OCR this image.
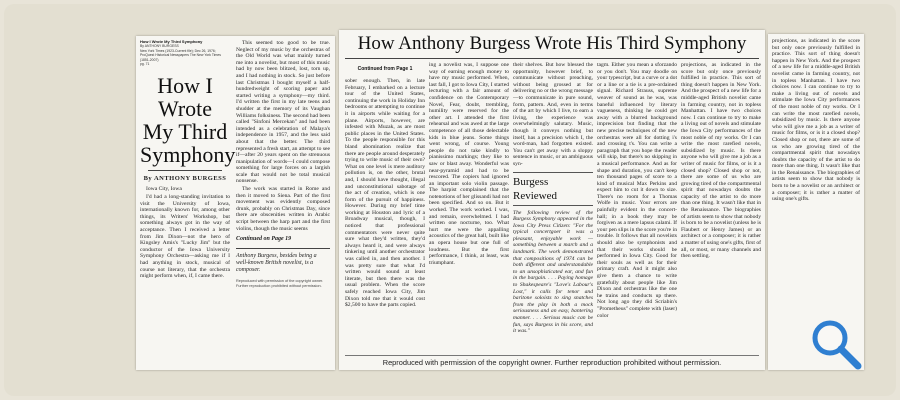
How I Wrote My Third Symphony
By ANTHONY BURGESS
New York Times (1923-Current file); Dec 26, 1976;
ProQuest Historical Newspapers The New York Times (1851-2007)
pg. 71
How I Wrote My Third Symphony
By ANTHONY BURGESS

Iowa City, Iowa

I'd had a long-standing invitation to visit the University of Iowa, internationally known for, among other things, its Writers' Workshop, but something always got in the way of acceptance. Then I received a letter from Jim Dixon—not the hero of Kingsley Amis's "Lucky Jim" but the conductor of the Iowa University Symphony Orchestra—asking me if I had anything in stock, musical of course not literary, that the orchestra might perform when, if, I came there.

This seemed too good to be true. Neglect of my music by the orchestras of the Old World was what mainly turned me into a novelist, but most of this music had by now been blitzed, lost, torn up, and I had nothing in stock. So just before last Christmas I bought myself a half-hundredweight of scoring paper and started writing a symphony—my third. I'd written the first in my late teens and shudder at the memory of its Vaughan Williams folksiness. The second had been called "Sinfoni Mercekan" and had been intended as a celebration of Malaya's independence in 1957, and the less said about that the better. The third represented a fresh start, an attempt to see if—after 20 years spent on the strenuous manipulation of words—I could compose something for large forces on a largish scale that would not be total musical nonsense.

The work was started in Rome and then it moved to Siena. Part of the first movement was evidently composed drunk, probably on Christmas Day, since there are obscenities written in Arabic script between the harp part and the first violins, though the music seems

Continued on Page 19
Anthony Burgess, besides being a well-known British novelist, is a composer.
Reproduced with permission of the copyright owner. Further reproduction prohibited without permission.
How Anthony Burgess Wrote His Third Symphony
Continued from Page 1
sober enough. Then, in late February, I embarked on a lecture tour of the United States, continuing the work in Holiday Inn bedrooms or attempting to continue it in airports while waiting for a plane. Airports, however, are infested with Muzak, as are most public places in the United States. To the people responsible for this bland abomination realize that there are people around desperately trying to write music of their own? What on one level is mere auditory pollution is, on the other, brutal and, I should have thought, illegal and unconstitutional sabotage of the act of creation, which is one form of the pursuit of happiness. However. During my brief time working at Houston and lyric of a Broadway musical, though, I noticed that professional commentators were never quite sure what they'd written, they'd always heard it, and were always tinkering until another orchestrator was called in, and then another. I was pretty sure that what I'd written would sound at least literate, but then there was the usual problem. When the score safely reached Iowa City, Jim Dixon told me that it would cost $2,500 to have the parts copied.
ing a novelist was, I suppose one way of earning enough money to have my music performed. When, last fall, I got to Iowa City, I started lecturing with a fair amount of confidence on the Contemporary Novel, Fear, doubt, trembling, humility were reserved for the other art. I attended the first rehearsal and was awed at the large competence of all those delectable kids in blue jeans. Some things went wrong, of course. Young people do not take kindly to pianissimo markings; they like to saw or blast away. Wonderful was near-pyramid and had to be rescored. The copiers had ignored an important solo violin passage. The harpist complained that the notenotions of her glissandi had not been specified. And so on. But it worked. The work worked. I was, and remain, overwhelmed. I had written one nocturne, too. What hurt me were the appalling acoustics of the great hall, built like an opera house but one full of loudness. But the first performance, I think, at least, was triumphant.
their shelves. But how blessed the opportunity, however brief, to communicate without preaching, without being grossed at for delivering no or the wrong message—to communicate in pure sound, form, pattern. And, even in terms of the art by which I live, to earn a living, the experience was overwhelmingly salutary. Music, though it conveys nothing but itself, has a precision which I, the word-man, had forgotten existed. You can't get away with a sloppy sentence in music, or an ambiguous syn-
Burgess Reviewed
The following review of the Burgess Symphony appeared in the Iowa City Press Citizen: "For the typical concertgoer it was a pleasant, enjoyable work — something between a march and a landmark. The work demonstrated that compositions of 1974 can be both different and understandable to an unsophisticated ear, and fun in the bargain. . . . Paying homage to Shakespeare's "Love's Labour's Lost," it calls for tenor and baritone soloists to sing snatches from the play in both a mock seriousness and an easy, bantering manner. . . . Serious music can be fun, says Burgess in his score, and it was."
tagm. Either you mean a sforzando or you don't. You may doodle on your typescript, but a curve or a dot or a line or a tie is a pre-ordained signal. Richard Strauss, supreme weaver of sound as he was, was baneful influenced by literary vagueness, thinking he could get away with a blurred background imprecision but finding that the new precise techniques of the new orchestras were all for dotting i's and crossing t's. You can write a paragraph that you hope the reader will skip, but there's no skipping in a musical performance. And as for shape and duration, you can't keep ten thousand pages of score to a kind of musical Max Perkins and expect him to cut it down to size. There's no room for a Thomas Wolfe in music. Your errors are painfully evident in the concert-hall; in a book they may be forgiven as a mere lapsus calami. If your pen slips in the score you're in trouble. It follows that all novelists should also be symphonists and that their works should be performed in Iowa City. Good for their souls as well as for their primary craft. And it might also give them a chance to write gratefully about people like Jim Dixon and orchestras like the one he trains and conducts up there. Not long ago they did Scriabin's "Prometheus" complete with (laser) color
projections, as indicated in the score but only once previously fulfilled in practice. This sort of thing doesn't happen in New York. And the prospect of a new life for a middle-aged British novelist came in farming country, not in topless Manhattan. I have two choices now. I can continue to try to make a living out of novels and stimulate the Iowa City performances of the most noble of my works. Or I can write the most rarefied novels, subsidized by music. Is there anyone who will give me a job as a writer of music for films, or is it a closed shop? Closed shop or not, there are some of us who are growing tired of the compartmental spirit that nowadays doubts the capacity of the artist to do more than one thing. It wasn't like that in the Renaissance. The biographies of artists seem to show that nobody is born to be a novelist (unless he is Flaubert or Henry James) or an architect or a composer; it is rather a matter of using one's gifts, first of all, or most, or many channels and then settling.
Reproduced with permission of the copyright owner. Further reproduction prohibited without permission.
projections, as indicated in the score but only once previously fulfilled in practice. This sort of thing doesn't happen in New York. And the prospect of a new life for a middle-aged British novelist came in farming country, not in topless Manhattan. I have two choices now. I can continue to try to make a living out of novels and stimulate the Iowa City performances of the most noble of my works. Or I can write the most rarefied novels, subsidized by music. Is there anyone who will give me a job as a writer of music for films, or is it a closed shop? Closed shop or not, there are some of us who are growing tired of the compartmental spirit that nowadays doubts the capacity of the artist to do more than one thing. It wasn't like that in the Renaissance. The biographies of artists seem to show that nobody is born to be a novelist or an architect or a composer; it is rather a matter of using one's gifts.
